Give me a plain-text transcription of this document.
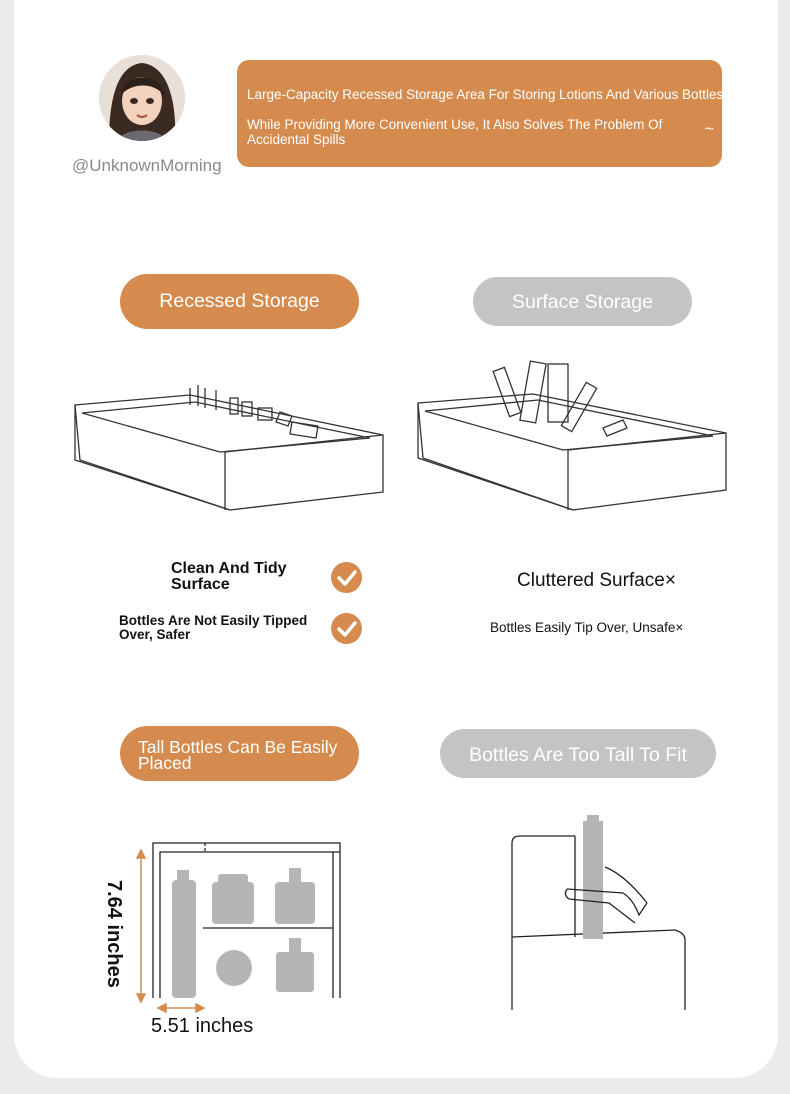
@UnknownMorning
Large-Capacity Recessed Storage Area For Storing Lotions And Various Bottles
While Providing More Convenient Use, It Also Solves The Problem Of Accidental Spills
~
Recessed Storage	Surface Storage
Clean And Tidy Surface
Bottles Are Not Easily Tipped Over, Safer
Cluttered Surface×
Bottles Easily Tip Over, Unsafe×
Tall Bottles Can Be Easily Placed	Bottles Are Too Tall To Fit
7.64 inches
5.51 inches
